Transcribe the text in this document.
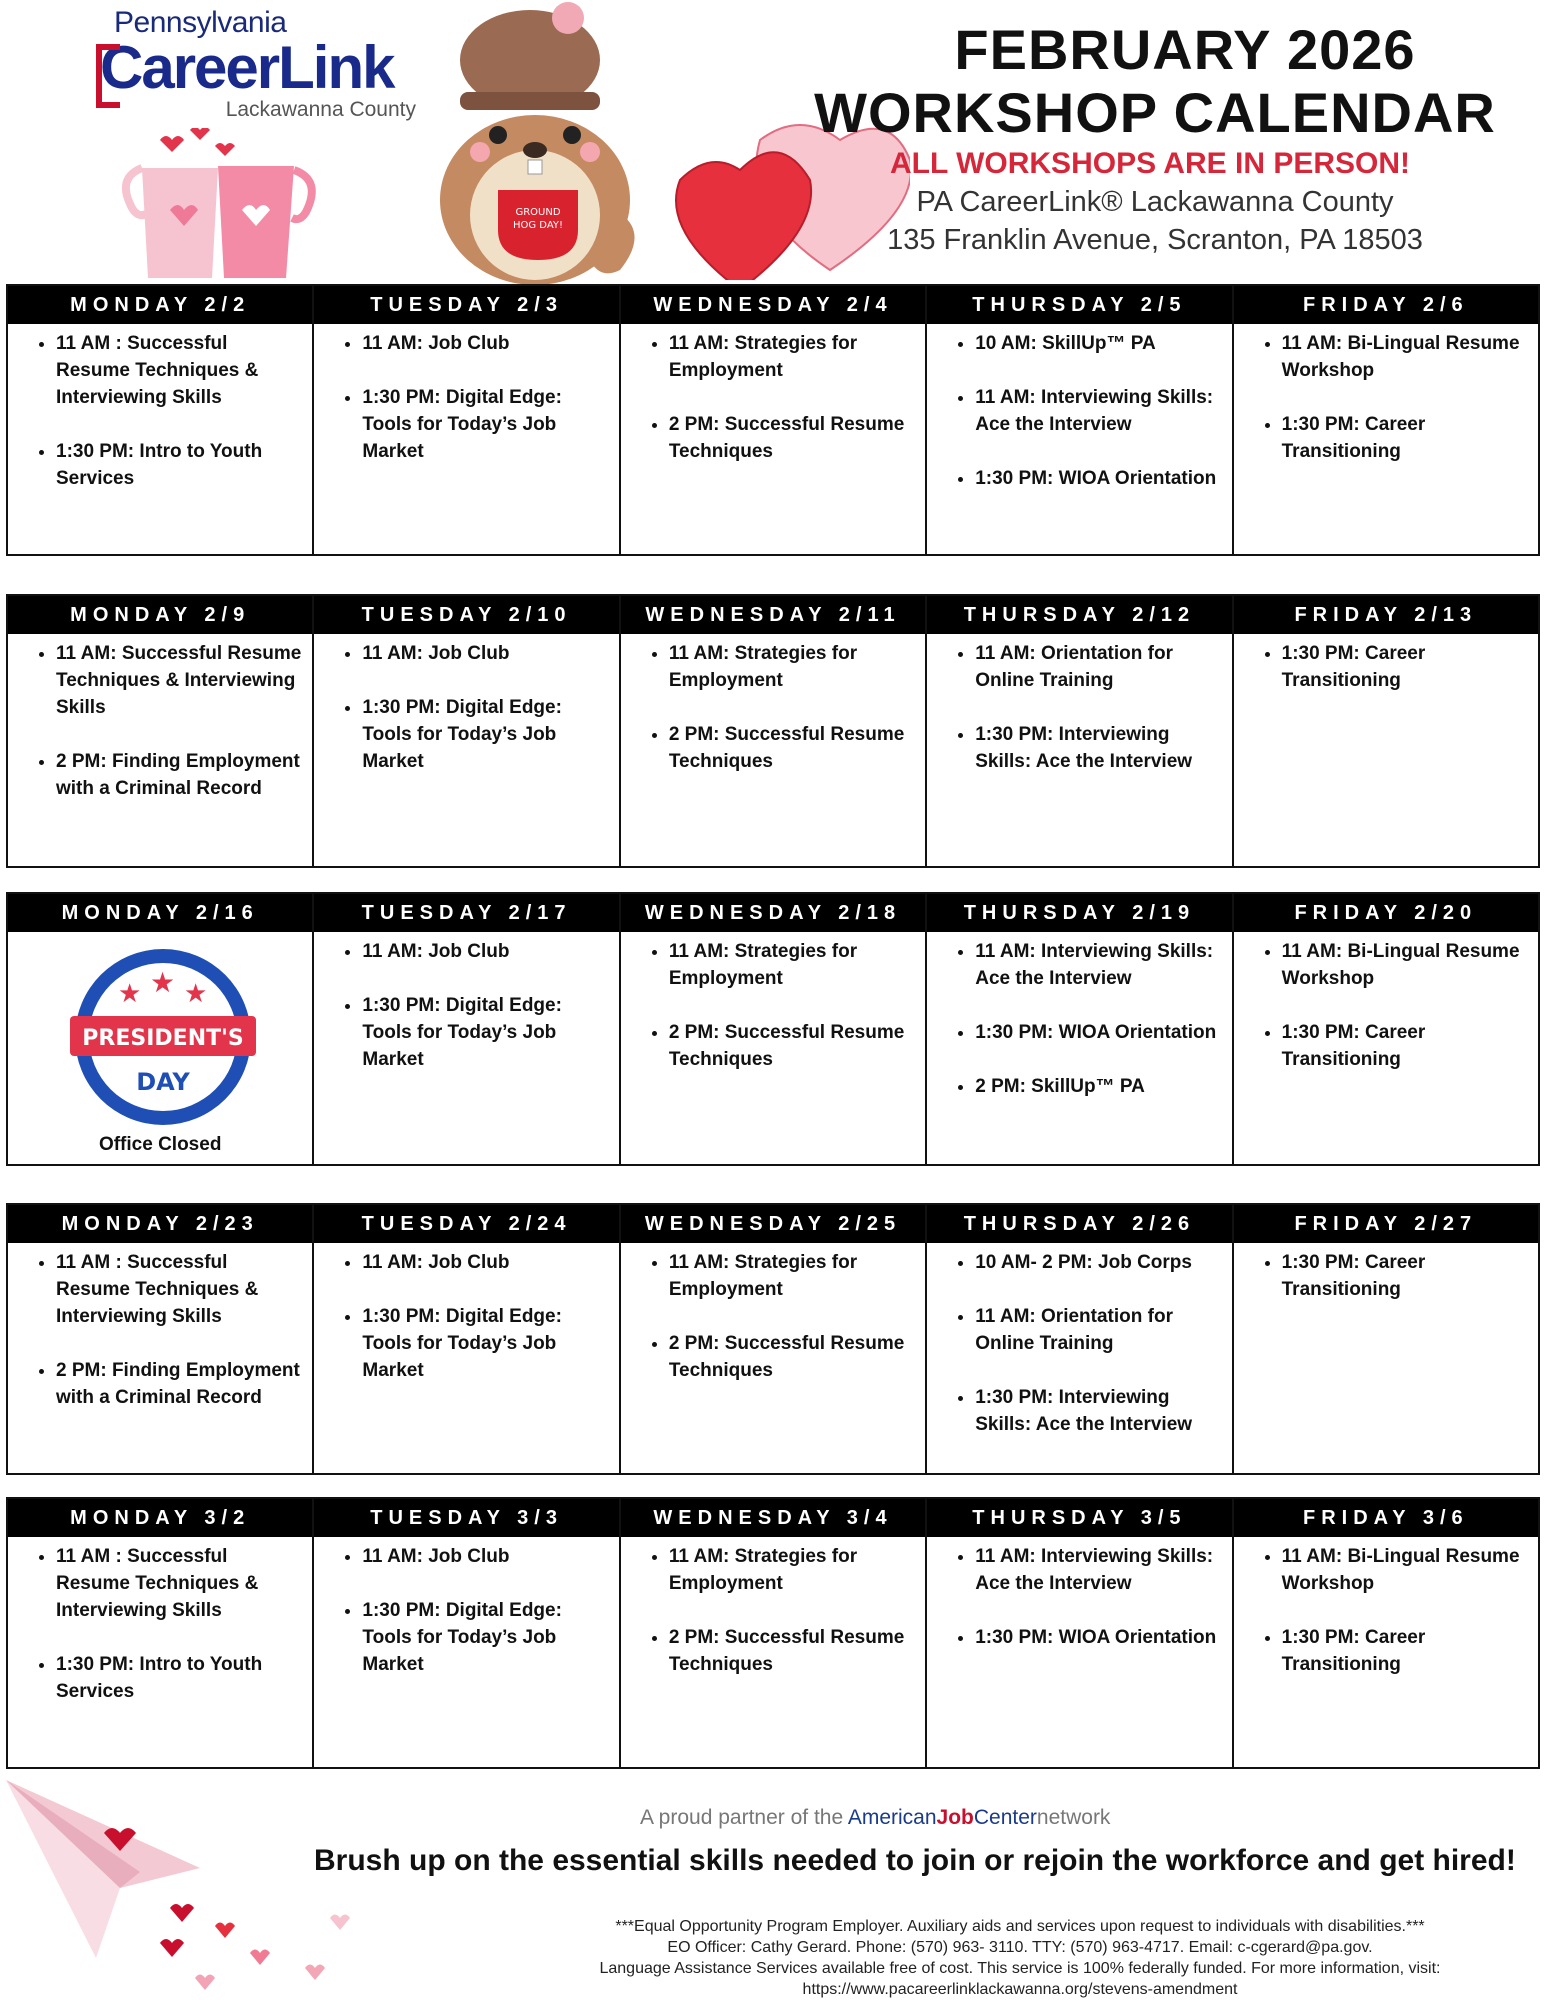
Pennsylvania
CareerLink
Lackawanna County
GROUND
HOG DAY!
FEBRUARY 2026
WORKSHOP CALENDAR
ALL WORKSHOPS ARE IN PERSON!
PA CareerLink® Lackawanna County
135 Franklin Avenue, Scranton, PA 18503
MONDAY 2/2
• 11 AM : Successful Resume Techniques & Interviewing Skills
• 1:30 PM: Intro to Youth Services
TUESDAY 2/3
• 11 AM: Job Club
• 1:30 PM: Digital Edge: Tools for Today’s Job Market
WEDNESDAY 2/4
• 11 AM: Strategies for Employment
• 2 PM: Successful Resume Techniques
THURSDAY 2/5
• 10 AM: SkillUp™ PA
• 11 AM: Interviewing Skills: Ace the Interview
• 1:30 PM: WIOA Orientation
FRIDAY 2/6
• 11 AM: Bi-Lingual Resume Workshop
• 1:30 PM: Career Transitioning
MONDAY 2/9
• 11 AM: Successful Resume Techniques & Interviewing Skills
• 2 PM: Finding Employment with a Criminal Record
TUESDAY 2/10
• 11 AM: Job Club
• 1:30 PM: Digital Edge: Tools for Today’s Job Market
WEDNESDAY 2/11
• 11 AM: Strategies for Employment
• 2 PM: Successful Resume Techniques
THURSDAY 2/12
• 11 AM: Orientation for Online Training
• 1:30 PM: Interviewing Skills: Ace the Interview
FRIDAY 2/13
• 1:30 PM: Career Transitioning
MONDAY 2/16
★ ★ ★
PRESIDENT'S
DAY
Office Closed
TUESDAY 2/17
• 11 AM: Job Club
• 1:30 PM: Digital Edge: Tools for Today’s Job Market
WEDNESDAY 2/18
• 11 AM: Strategies for Employment
• 2 PM: Successful Resume Techniques
THURSDAY 2/19
• 11 AM: Interviewing Skills: Ace the Interview
• 1:30 PM: WIOA Orientation
• 2 PM: SkillUp™ PA
FRIDAY 2/20
• 11 AM: Bi-Lingual Resume Workshop
• 1:30 PM: Career Transitioning
MONDAY 2/23
• 11 AM : Successful Resume Techniques & Interviewing Skills
• 2 PM: Finding Employment with a Criminal Record
TUESDAY 2/24
• 11 AM: Job Club
• 1:30 PM: Digital Edge: Tools for Today’s Job Market
WEDNESDAY 2/25
• 11 AM: Strategies for Employment
• 2 PM: Successful Resume Techniques
THURSDAY 2/26
• 10 AM- 2 PM: Job Corps
• 11 AM: Orientation for Online Training
• 1:30 PM: Interviewing Skills: Ace the Interview
FRIDAY 2/27
• 1:30 PM: Career Transitioning
MONDAY 3/2
• 11 AM : Successful Resume Techniques & Interviewing Skills
• 1:30 PM: Intro to Youth Services
TUESDAY 3/3
• 11 AM: Job Club
• 1:30 PM: Digital Edge: Tools for Today’s Job Market
WEDNESDAY 3/4
• 11 AM: Strategies for Employment
• 2 PM: Successful Resume Techniques
THURSDAY 3/5
• 11 AM: Interviewing Skills: Ace the Interview
• 1:30 PM: WIOA Orientation
FRIDAY 3/6
• 11 AM: Bi-Lingual Resume Workshop
• 1:30 PM: Career Transitioning
A proud partner of the AmericanJobCenternetwork
Brush up on the essential skills needed to join or rejoin the workforce and get hired!
***Equal Opportunity Program Employer. Auxiliary aids and services upon request to individuals with disabilities.***
EO Officer: Cathy Gerard. Phone: (570) 963- 3110. TTY: (570) 963-4717. Email: c-cgerard@pa.gov.
Language Assistance Services available free of cost. This service is 100% federally funded. For more information, visit:
https://www.pacareerlinklackawanna.org/stevens-amendment
